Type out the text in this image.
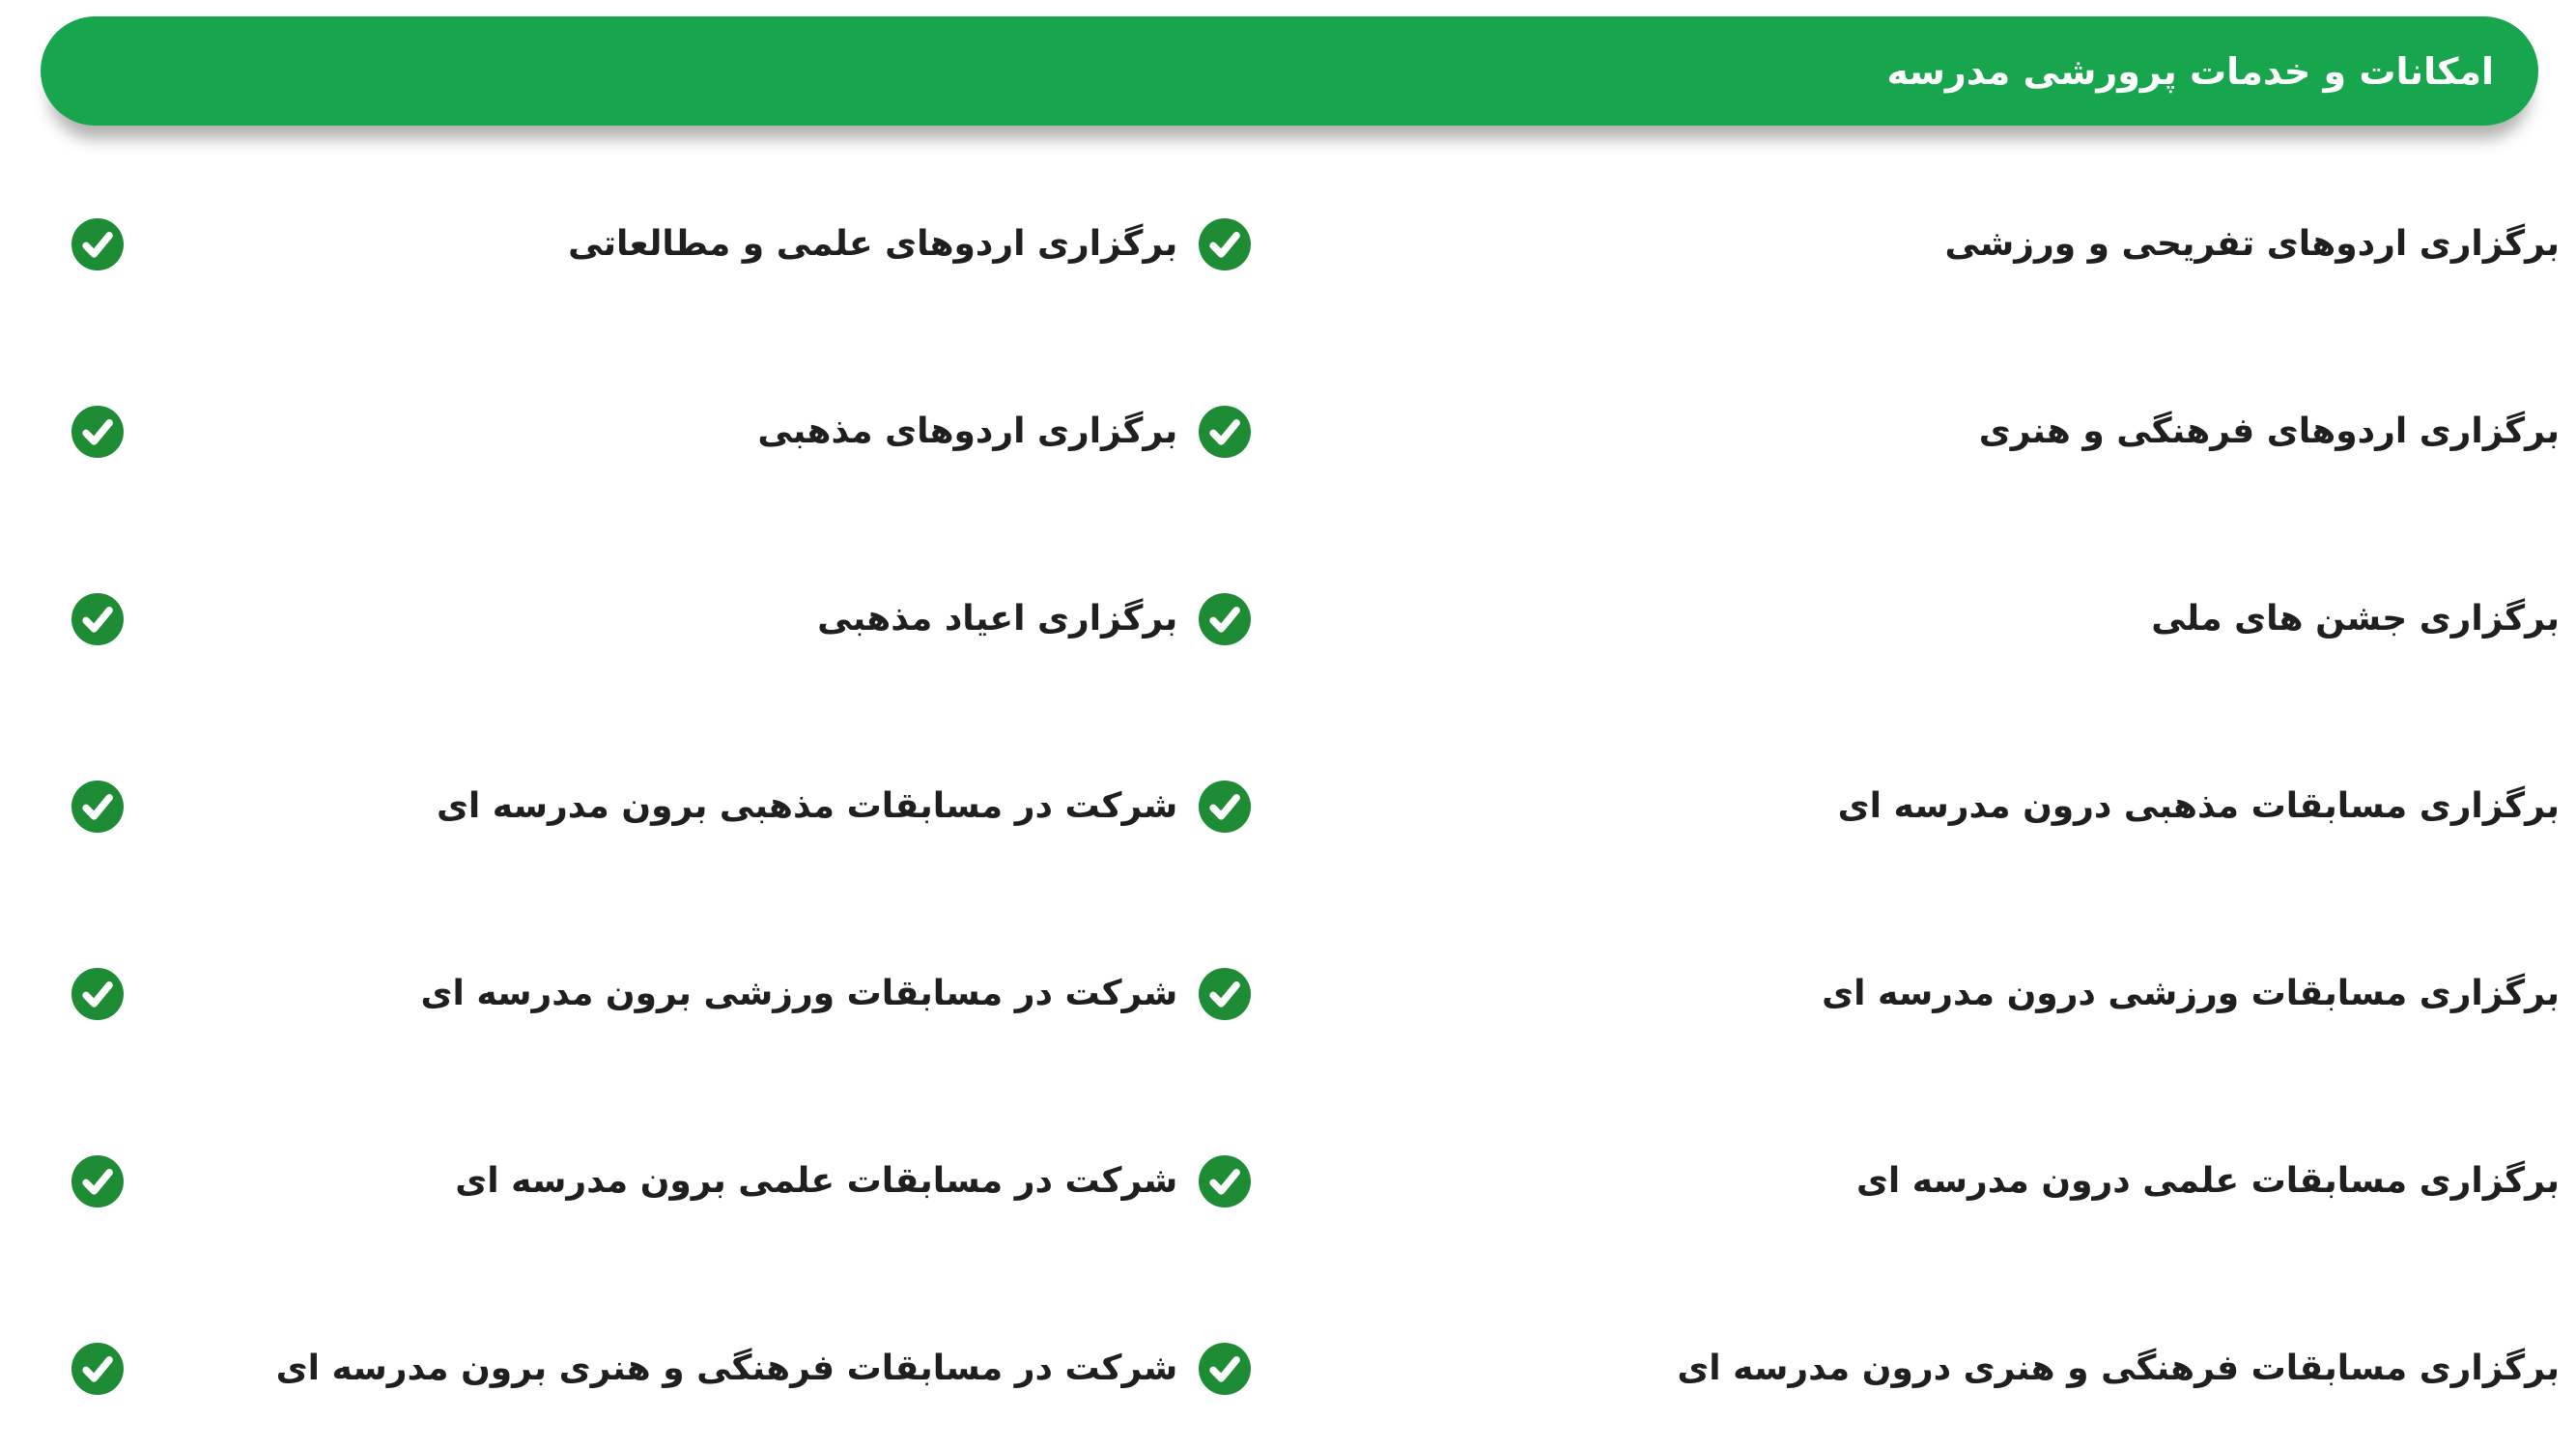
امکانات و خدمات پرورشی مدرسه
برگزاری اردوهای تفریحی و ورزشی
برگزاری اردوهای علمی و مطالعاتی
برگزاری اردوهای فرهنگی و هنری
برگزاری اردوهای مذهبی
برگزاری جشن های ملی
برگزاری اعیاد مذهبی
برگزاری مسابقات مذهبی درون مدرسه ای
شرکت در مسابقات مذهبی برون مدرسه ای
برگزاری مسابقات ورزشی درون مدرسه ای
شرکت در مسابقات ورزشی برون مدرسه ای
برگزاری مسابقات علمی درون مدرسه ای
شرکت در مسابقات علمی برون مدرسه ای
برگزاری مسابقات فرهنگی و هنری درون مدرسه ای
شرکت در مسابقات فرهنگی و هنری برون مدرسه ای
